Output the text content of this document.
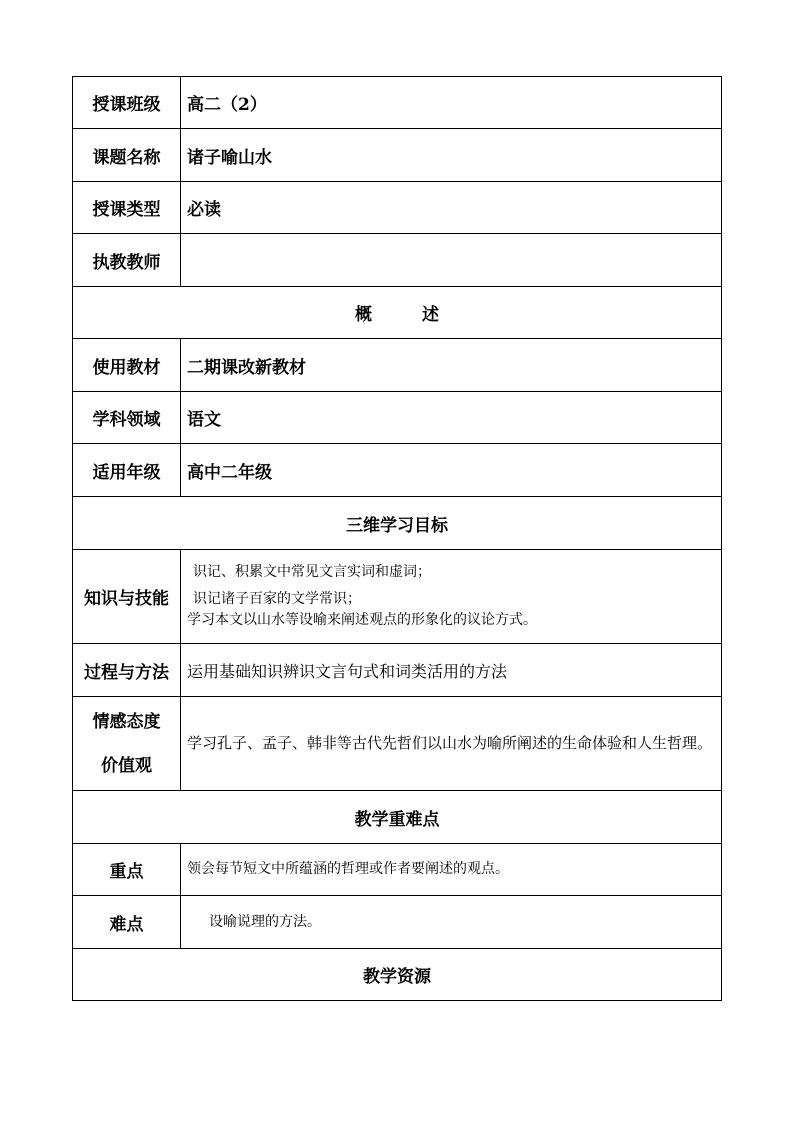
授课班级	高二（2）
课题名称	诸子喻山水
授课类型	必读
执教教师	
概 述	
使用教材	二期课改新教材
学科领域	语文
适用年级	高中二年级
三维学习目标	
知识与技能	识记、积累文中常见文言实词和虚词；
识记诸子百家的文学常识；
学习本文以山水等设喻来阐述观点的形象化的议论方式。

过程与方法	运用基础知识辨识文言句式和词类活用的方法

情感态度
价值观	学习孔子、孟子、韩非等古代先哲们以山水为喻所阐述的生命体验和人生哲理。
教学重难点	
重点	领会每节短文中所蕴涵的哲理或作者要阐述的观点。
难点	设喻说理的方法。
教学资源	
